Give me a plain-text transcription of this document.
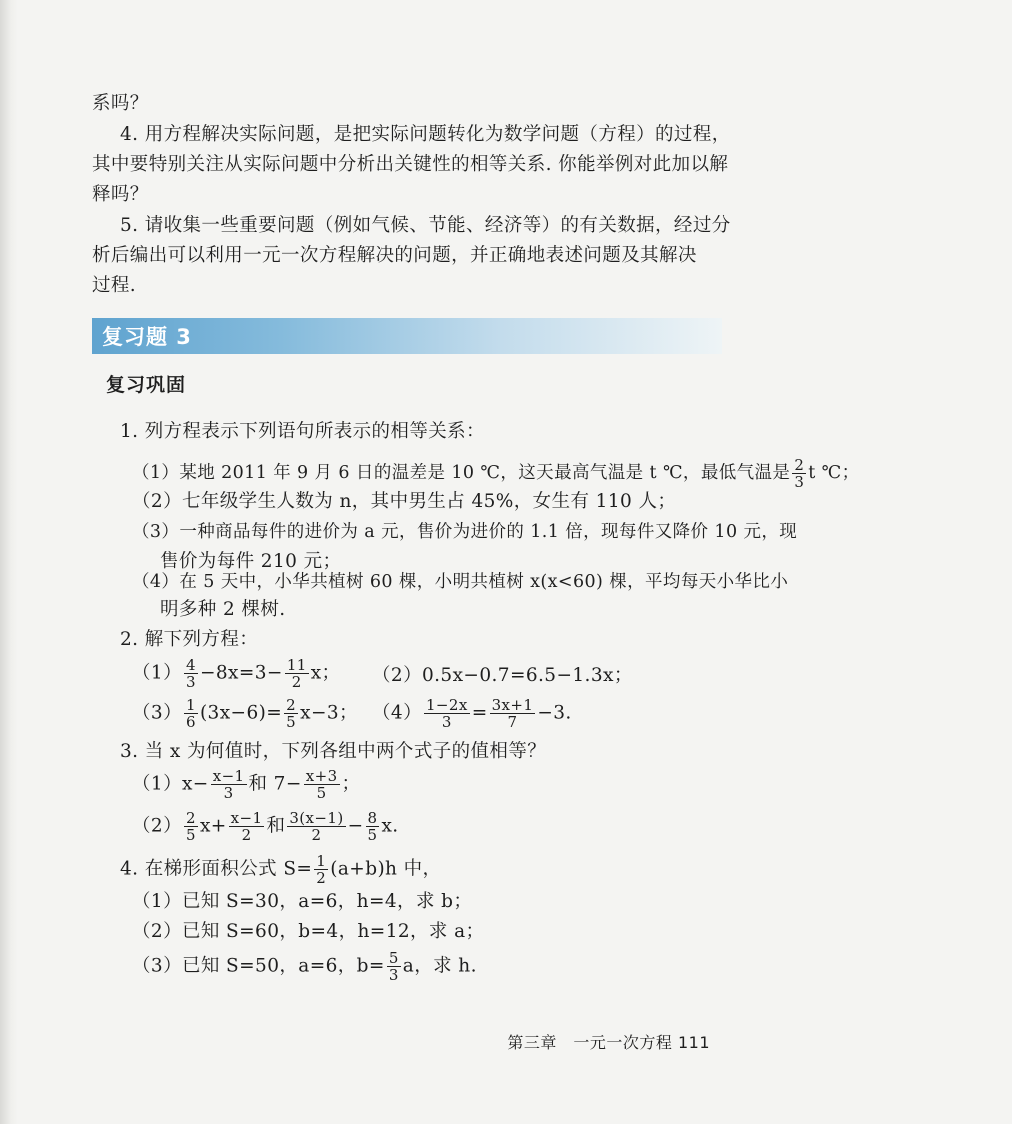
系吗？
4. 用方程解决实际问题，是把实际问题转化为数学问题（方程）的过程，
其中要特别关注从实际问题中分析出关键性的相等关系. 你能举例对此加以解
释吗？
5. 请收集一些重要问题（例如气候、节能、经济等）的有关数据，经过分
析后编出可以利用一元一次方程解决的问题，并正确地表述问题及其解决
过程.
复习题 3
复习巩固
1. 列方程表示下列语句所表示的相等关系：
（1）某地 2011 年 9 月 6 日的温差是 10 ℃，这天最高气温是 t ℃，最低气温是 $\frac{2}{3}$ t ℃；
（2）七年级学生人数为 n，其中男生占 45%，女生有 110 人；
（3）一种商品每件的进价为 a 元，售价为进价的 1.1 倍，现每件又降价 10 元，现
售价为每件 210 元；
（4）在 5 天中，小华共植树 60 棵，小明共植树 x(x<60) 棵，平均每天小华比小
明多种 2 棵树.
2. 解下列方程：
$(1) \frac{4}{3} -8x=3- \frac{11}{2}$ x；	（2）0.5x−0.7=6.5−1.3x；
$(3) \frac{1}{6} (3x-6)= \frac{2}{5} x-3$； $(4) \frac{1-2x}{3} = \frac{3x+1}{7} -3$.
3. 当 x 为何值时，下列各组中两个式子的值相等？
$(1)x- \frac{x-1}{3}$ 和 $7- \frac{x+3}{5}$ ；
$(2) \frac{2}{5} x+ \frac{x-1}{2}$ 和 $\frac{3(x-1)}{2} - \frac{8}{5} x$.
4. 在梯形面积公式 $S= \frac{1}{2} (a+b)h$ 中，
（1）已知 S=30，a=6，h=4，求 b；
（2）已知 S=60，b=4，h=12，求 a；
（3）已知 S=50，a=6，$b= \frac{5}{3}$ a，求 h.
第三章　一元一次方程 111
